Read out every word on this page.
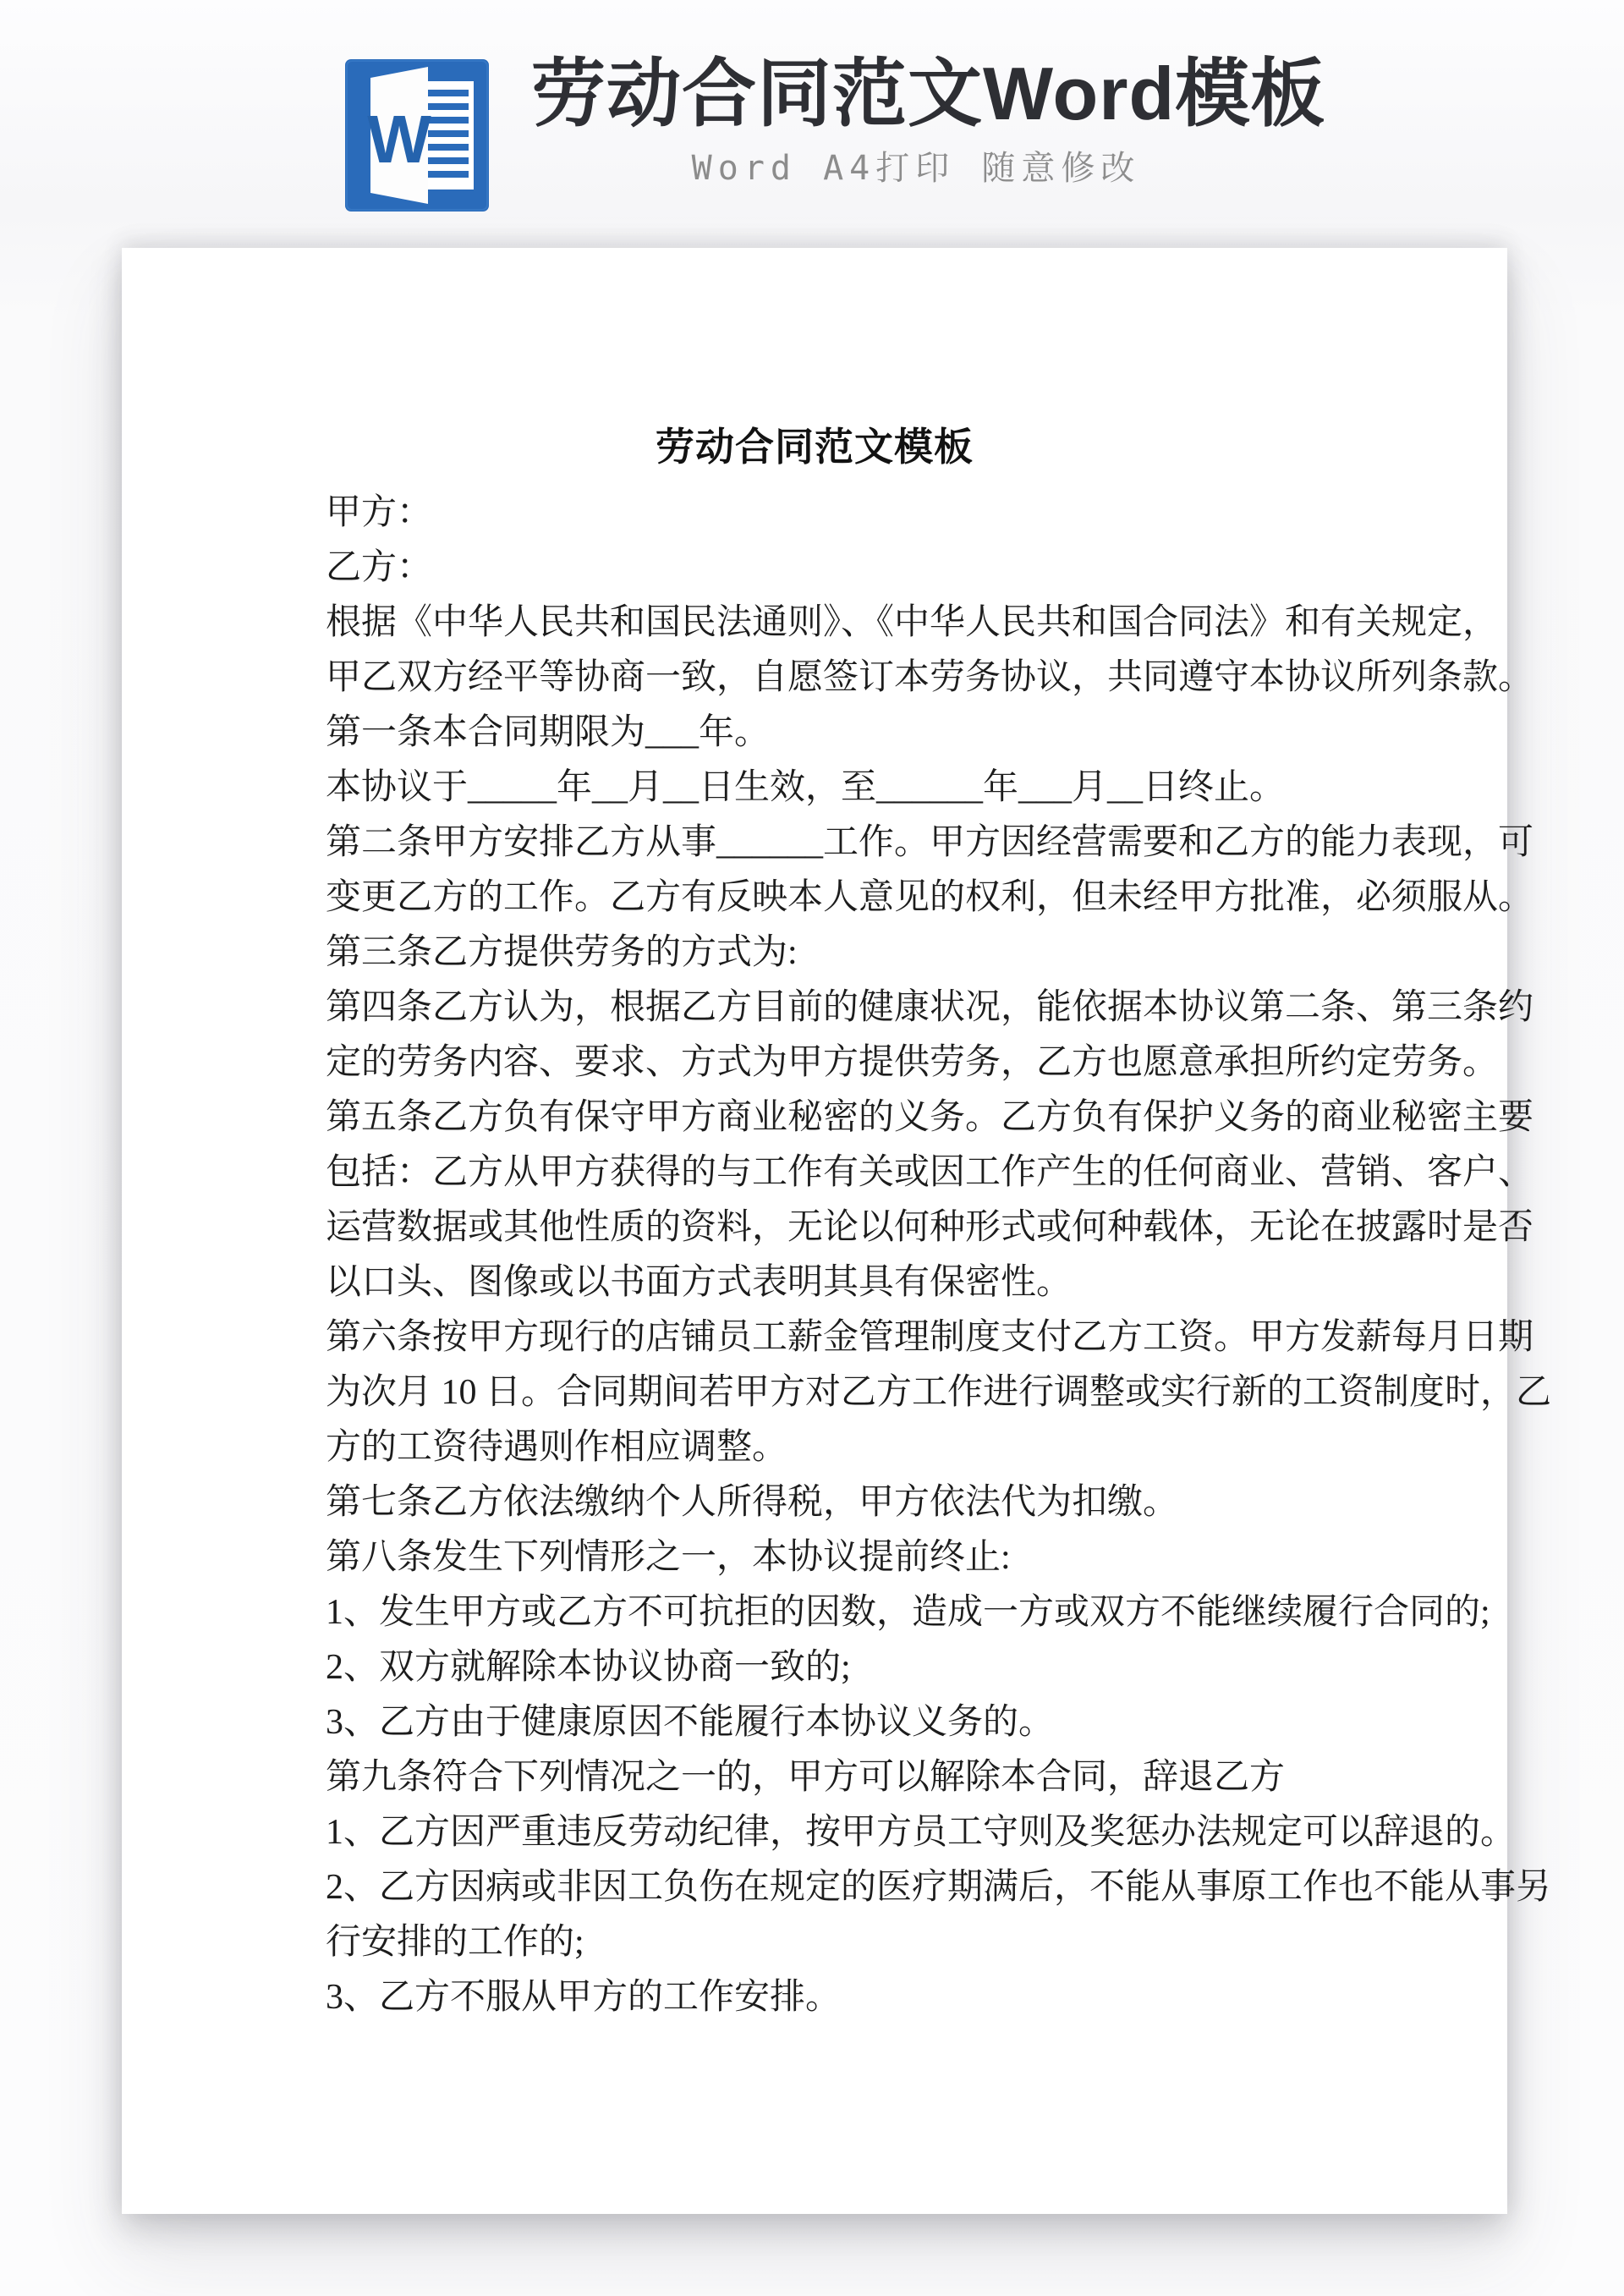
W
劳动合同范文Word模板

Word A4打印 随意修改

劳动合同范文模板

甲方：

乙方：

根据《中华人民共和国民法通则》、《中华人民共和国合同法》和有关规定，

甲乙双方经平等协商一致，自愿签订本劳务协议，共同遵守本协议所列条款。

第一条本合同期限为___年。

本协议于_____年__月__日生效，至______年___月__日终止。

第二条甲方安排乙方从事______工作。甲方因经营需要和乙方的能力表现，可

变更乙方的工作。乙方有反映本人意见的权利，但未经甲方批准，必须服从。

第三条乙方提供劳务的方式为:

第四条乙方认为，根据乙方目前的健康状况，能依据本协议第二条、第三条约

定的劳务内容、要求、方式为甲方提供劳务，乙方也愿意承担所约定劳务。

第五条乙方负有保守甲方商业秘密的义务。乙方负有保护义务的商业秘密主要

包括：乙方从甲方获得的与工作有关或因工作产生的任何商业、营销、客户、

运营数据或其他性质的资料，无论以何种形式或何种载体，无论在披露时是否

以口头、图像或以书面方式表明其具有保密性。

第六条按甲方现行的店铺员工薪金管理制度支付乙方工资。甲方发薪每月日期

为次月 10 日。合同期间若甲方对乙方工作进行调整或实行新的工资制度时，乙

方的工资待遇则作相应调整。

第七条乙方依法缴纳个人所得税，甲方依法代为扣缴。

第八条发生下列情形之一，本协议提前终止:

1、发生甲方或乙方不可抗拒的因数，造成一方或双方不能继续履行合同的;

2、双方就解除本协议协商一致的;

3、乙方由于健康原因不能履行本协议义务的。

第九条符合下列情况之一的，甲方可以解除本合同，辞退乙方

1、乙方因严重违反劳动纪律，按甲方员工守则及奖惩办法规定可以辞退的。

2、乙方因病或非因工负伤在规定的医疗期满后，不能从事原工作也不能从事另

行安排的工作的;

3、乙方不服从甲方的工作安排。
